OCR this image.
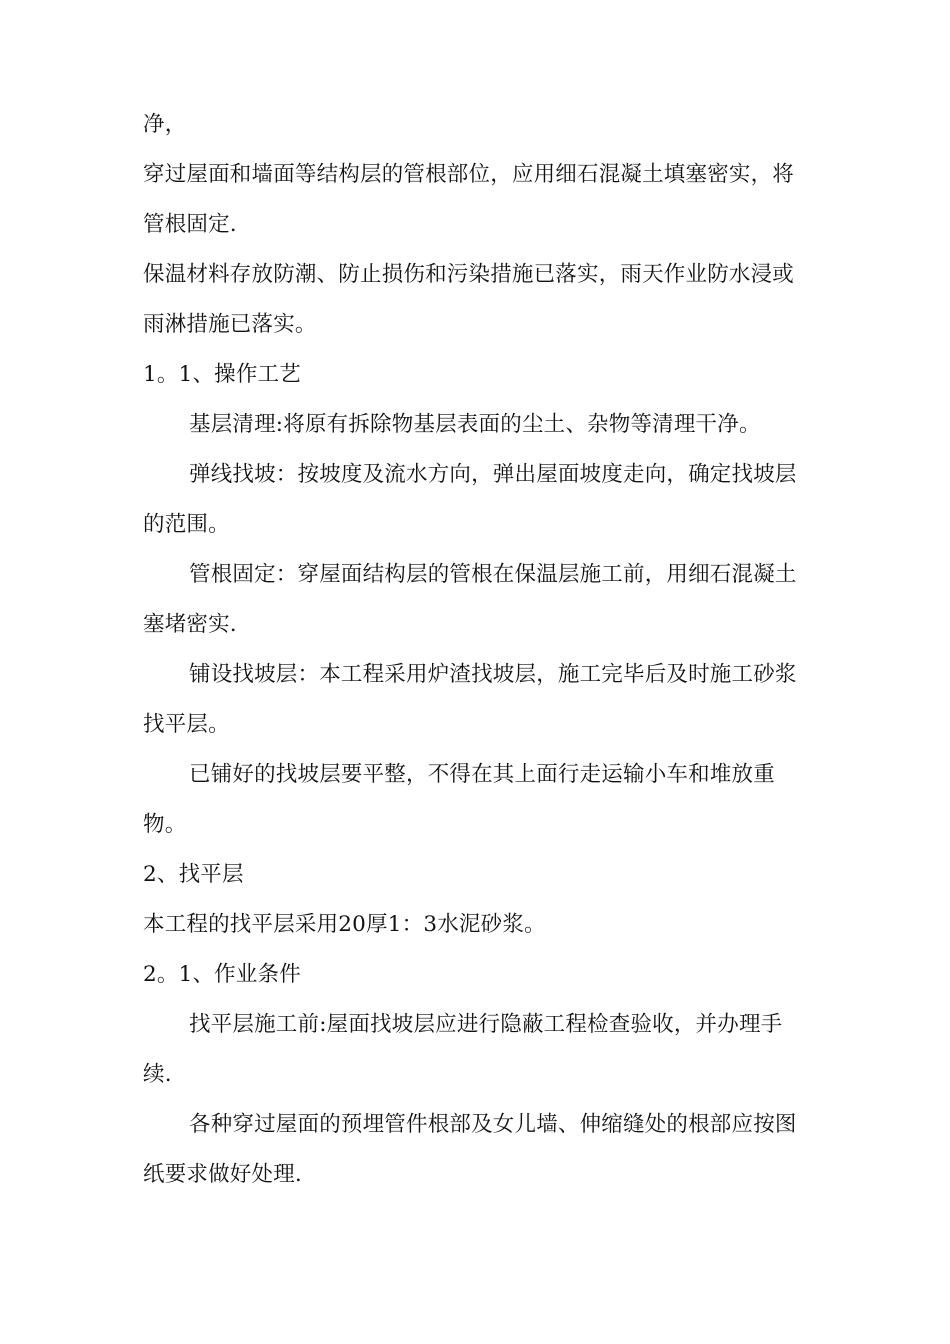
净，
穿过屋面和墙面等结构层的管根部位，应用细石混凝土填塞密实，将
管根固定.
保温材料存放防潮、防止损伤和污染措施已落实，雨天作业防水浸或
雨淋措施已落实。
1。1、操作工艺
基层清理:将原有拆除物基层表面的尘土、杂物等清理干净。
弹线找坡：按坡度及流水方向，弹出屋面坡度走向，确定找坡层
的范围。
管根固定：穿屋面结构层的管根在保温层施工前，用细石混凝土
塞堵密实.
铺设找坡层：本工程采用炉渣找坡层，施工完毕后及时施工砂浆
找平层。
已铺好的找坡层要平整，不得在其上面行走运输小车和堆放重
物。
2、找平层
本工程的找平层采用20厚1：3水泥砂浆。
2。1、作业条件
找平层施工前:屋面找坡层应进行隐蔽工程检查验收，并办理手
续.
各种穿过屋面的预埋管件根部及女儿墙、伸缩缝处的根部应按图
纸要求做好处理.
